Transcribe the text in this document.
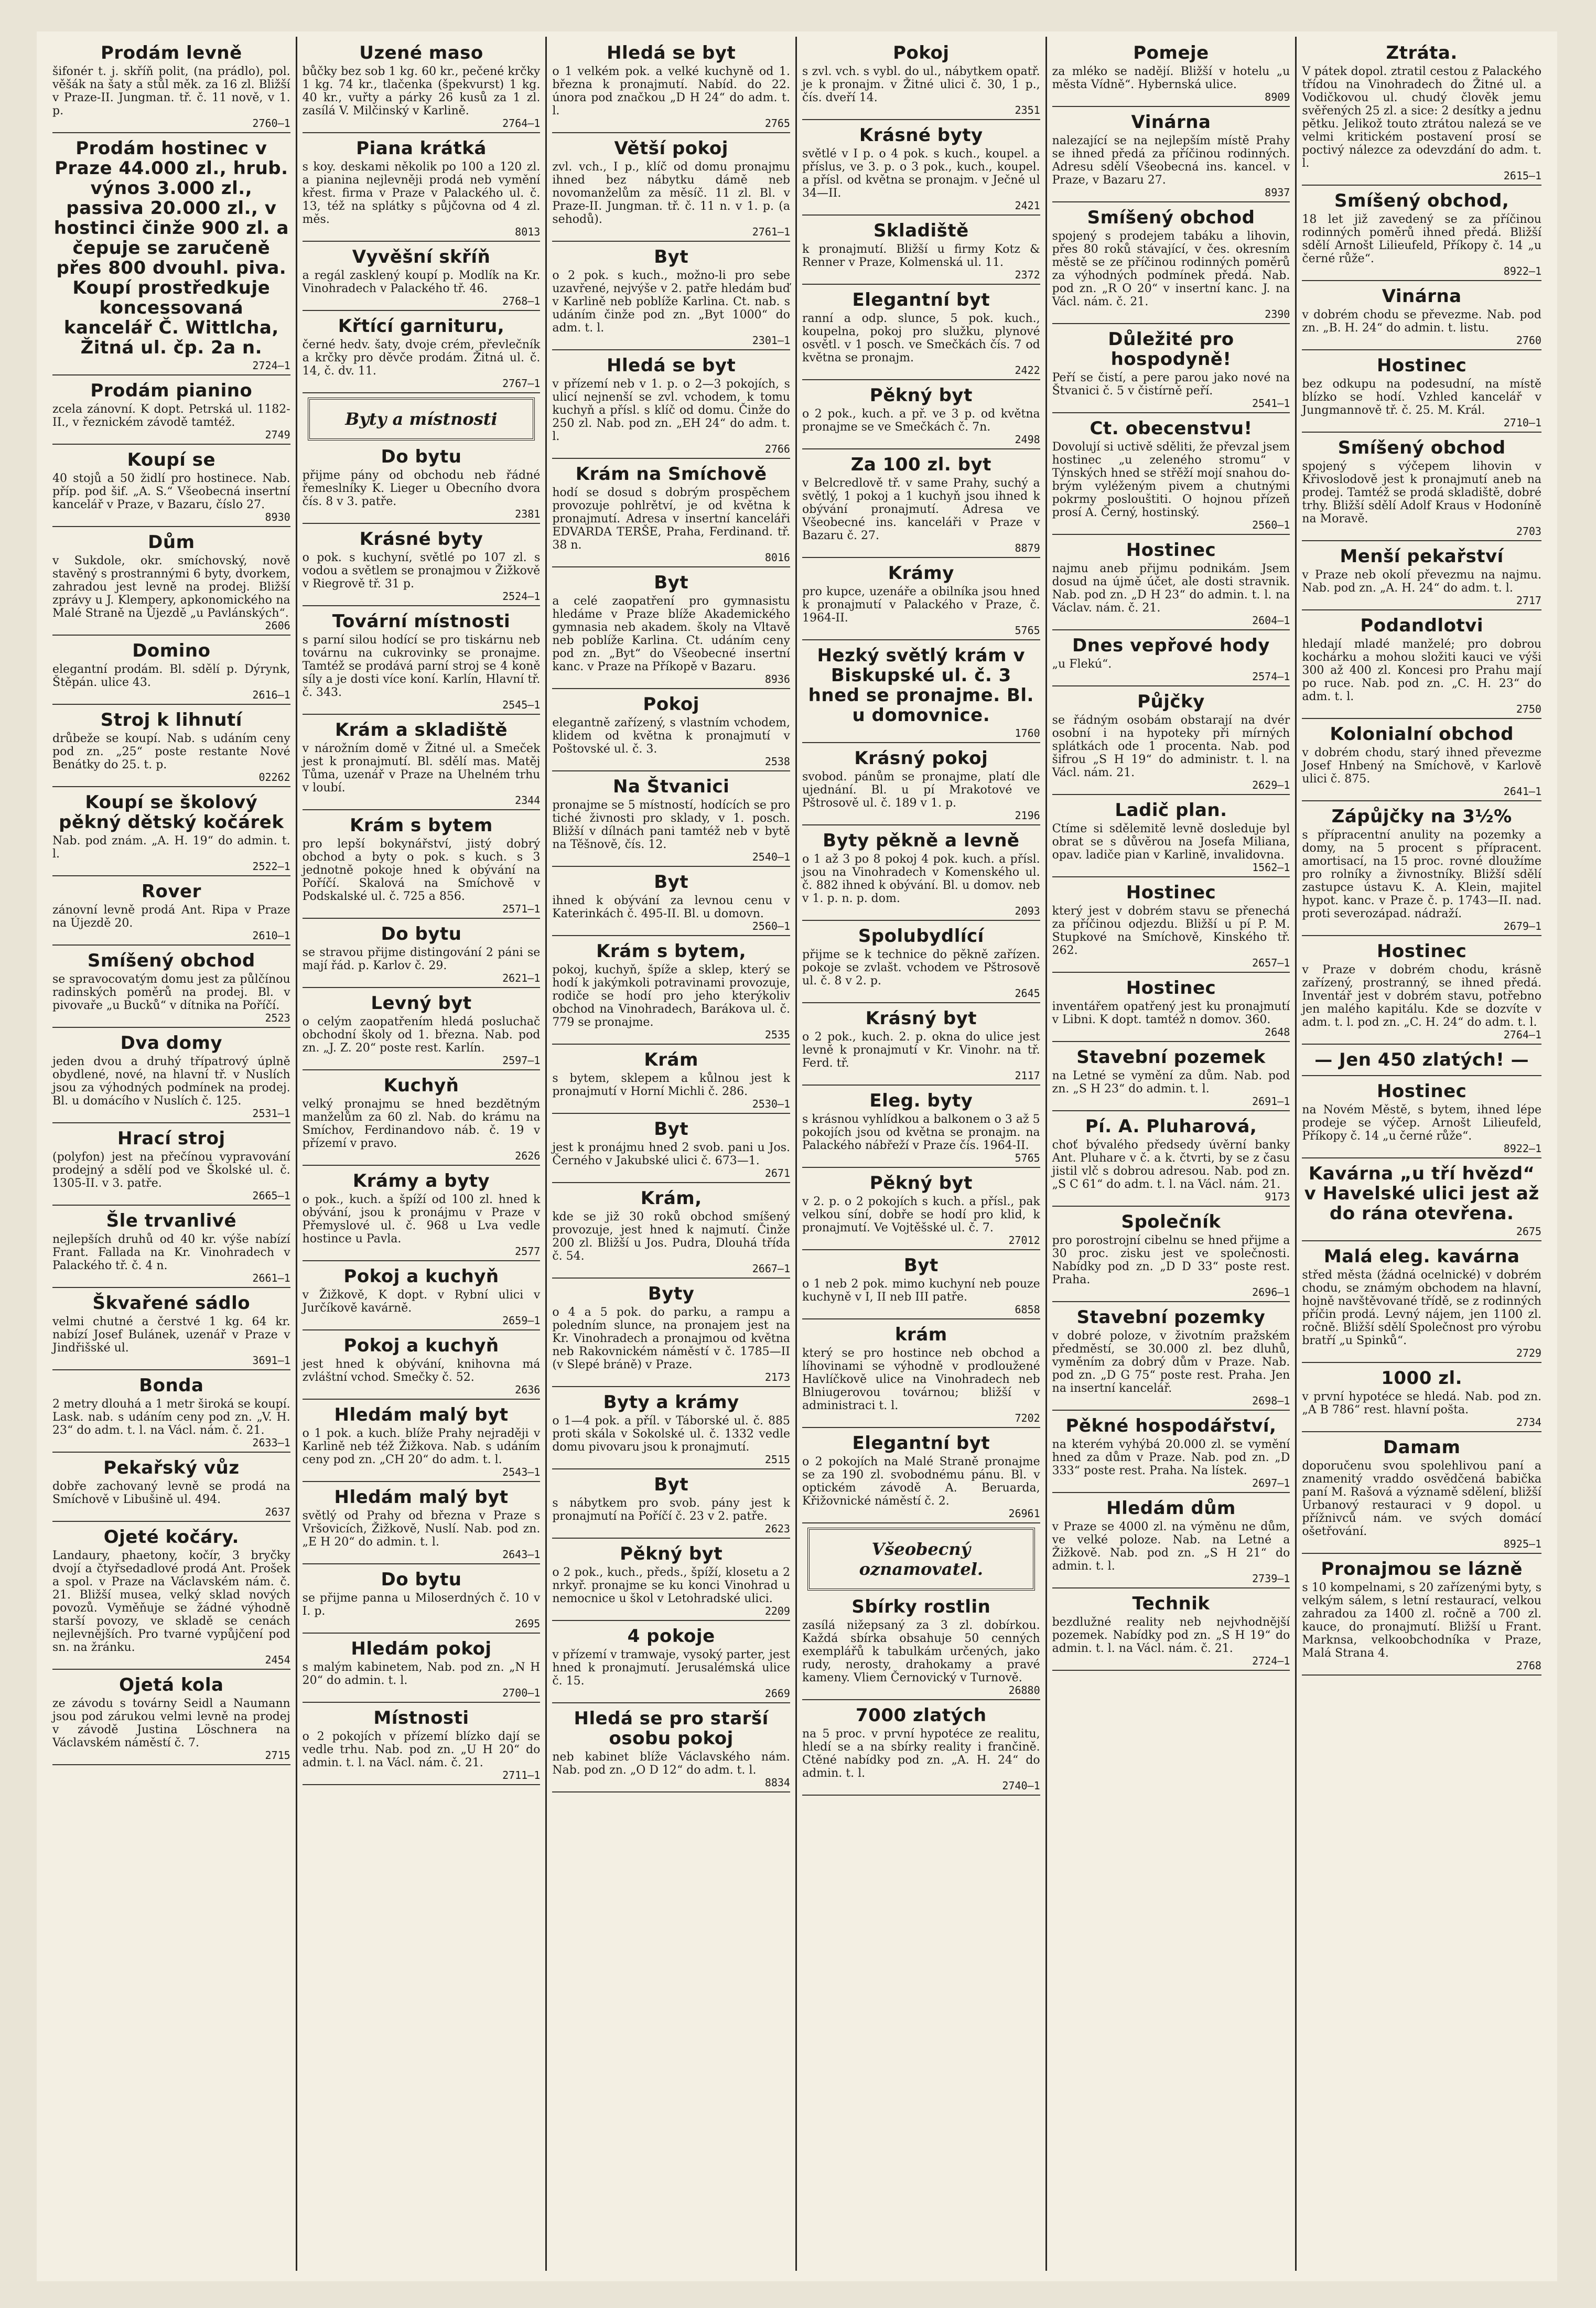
Prodám levně
šifonér t. j. skříň polit, (na prádlo), pol. věšák na šaty a stůl měk. za 16 zl. Bližší v Praze-II. Jungman. tř. č. 11 nově, v 1. p.
2760—1
Prodám hostinec v Praze 44.000 zl., hrub. výnos 3.000 zl., passiva 20.000 zl., v hostinci činže 900 zl. a čepuje se zaručeně přes 800 dvouhl. piva. Koupí prostředkuje koncessovaná kancelář Č. Wittlcha, Žitná ul. čp. 2a n.
2724—1
Prodám pianino
zcela zánovní. K dopt. Petrská ul. 1182-II., v řeznickém závodě tamtéž.
2749
Koupí se
40 stojů a 50 židlí pro hostinece. Nab. příp. pod šif. „A. S.“ Všeobecná insertní kancelář v Praze, v Bazaru, číslo 27.
8930
Dům
v Sukdole, okr. smíchovský, nově stavěný s prostrannými 6 byty, dvorkem, zahradou jest levně na prodej. Bližší zprávy u J. Klempery, apkonomického na Malé Straně na Újezdě „u Pavlánských“.
2606
Domino
elegantní prodám. Bl. sdělí p. Dýrynk, Štěpán. ulice 43.
2616—1
Stroj k lihnutí
drůbeže se koupí. Nab. s udáním ceny pod zn. „25“ poste restante Nové Benátky do 25. t. p.
02262
Koupí se školový pěkný dětský kočárek
Nab. pod znám. „A. H. 19“ do admin. t. l.
2522—1
Rover
zánovní levně prodá Ant. Ripa v Praze na Újezdě 20.
2610—1
Smíšený obchod
se spravocovatým domu jest za půlčínou radinských poměrů na prodej. Bl. v pivovaře „u Bucků“ v dítnika na Poříčí.
2523
Dva domy
jeden dvou a druhý třípatrový úplně obydlené, nové, na hlavní tř. v Nuslích jsou za výhodných podmínek na prodej. Bl. u domácího v Nuslích č. 125.
2531—1
Hrací stroj
(polyfon) jest na přečínou vypravování prodejný a sdělí pod ve Školské ul. č. 1305-II. v 3. patře.
2665—1
Šle trvanlivé
nejlepších druhů od 40 kr. výše nabízí Frant. Fallada na Kr. Vinohradech v Palackého tř. č. 4 n.
2661—1
Škvařené sádlo
velmi chutné a čerstvé 1 kg. 64 kr. nabízí Josef Bulánek, uzenář v Praze v Jindřišské ul.
3691—1
Bonda
2 metry dlouhá a 1 metr široká se koupí. Lask. nab. s udáním ceny pod zn. „V. H. 23“ do adm. t. l. na Václ. nám. č. 21.
2633—1
Pekařský vůz
dobře zachovaný levně se prodá na Smíchově v Libušině ul. 494.
2637
Ojeté kočáry.
Landaury, phaetony, kočír, 3 bryčky dvojí a čtyřsedadlové prodá Ant. Prošek a spol. v Praze na Václavském nám. č. 21. Bližší musea, velký sklad nových povozů. Vyměňuje se žádné výhodně starší povozy, ve skladě se cenách nejlevnějších. Pro tvarné vypůjčení pod sn. na žránku.
2454
Ojetá kola
ze závodu s továrny Seidl a Naumann jsou pod zárukou velmi levně na prodej v závodě Justina Löschnera na Václavském náměstí č. 7.
2715
Uzené maso
bůčky bez sob 1 kg. 60 kr., pečené krčky 1 kg. 74 kr., tlačenka (špekvurst) 1 kg. 40 kr., vuřty a párky 26 kusů za 1 zl. zasílá V. Milčinský v Karlině.
2764—1
Piana krátká
s koy. deskami několik po 100 a 120 zl. a pianina nejlevněji prodá neb vymění křest. firma v Praze v Palackého ul. č. 13, též na splátky s půjčovna od 4 zl. měs.
8013
Vyvěšní skříň
a regál zasklený koupí p. Modlík na Kr. Vinohradech v Palackého tř. 46.
2768—1
Křtící garnituru,
černé hedv. šaty, dvoje crém, převlečník a krčky pro děvče prodám. Žitná ul. č. 14, č. dv. 11.
2767—1
Byty a místnosti
Do bytu
přijme pány od obchodu neb řádné řemeslníky K. Lieger u Obecního dvora čís. 8 v 3. patře.
2381
Krásné byty
o pok. s kuchyní, světlé po 107 zl. s vodou a světlem se pronajmou v Žižkově v Riegrově tř. 31 p.
2524—1
Tovární místnosti
s parní silou hodící se pro tiskárnu neb továrnu na cukrovinky se pronajme. Tamtéž se prodává parní stroj se 4 koně síly a je dosti více koní. Karlín, Hlavní tř. č. 343.
2545—1
Krám a skladiště
v nárožním domě v Žitné ul. a Smeček jest k pronajmutí. Bl. sdělí mas. Matěj Tůma, uzenář v Praze na Uhelném trhu v loubí.
2344
Krám s bytem
pro lepší bokynářství, jistý dobrý obchod a byty o pok. s kuch. s 3 jednotně pokoje hned k obývání na Poříčí. Skalová na Smíchově v Podskalské ul. č. 725 a 856.
2571—1
Do bytu
se stravou přijme distingování 2 páni se mají řád. p. Karlov č. 29.
2621—1
Levný byt
o celým zaopatřením hledá posluchač obchodní školy od 1. března. Nab. pod zn. „J. Z. 20“ poste rest. Karlín.
2597—1
Kuchyň
velký pronajmu se hned bezdětným manželům za 60 zl. Nab. do krámu na Smíchov, Ferdinandovo náb. č. 19 v přízemí v pravo.
2626
Krámy a byty
o pok., kuch. a špíží od 100 zl. hned k obývání, jsou k pronájmu v Praze v Přemyslové ul. č. 968 u Lva vedle hostince u Pavla.
2577
Pokoj a kuchyň
v Žižkově, K dopt. v Rybní ulici v Jurčíkově kavárně.
2659—1
Pokoj a kuchyň
jest hned k obývání, knihovna má zvláštní vchod. Smečky č. 52.
2636
Hledám malý byt
o 1 pok. a kuch. blíže Prahy nejraději v Karlině neb též Žižkova. Nab. s udáním ceny pod zn. „CH 20“ do adm. t. l.
2543—1
Hledám malý byt
světlý od Prahy od března v Praze s Vršovicích, Žižkově, Nuslí. Nab. pod zn. „E H 20“ do admin. t. l.
2643—1
Do bytu
se přijme panna u Miloserdných č. 10 v I. p.
2695
Hledám pokoj
s malým kabinetem, Nab. pod zn. „N H 20“ do admin. t. l.
2700—1
Místnosti
o 2 pokojích v přízemí blízko dají se vedle trhu. Nab. pod zn. „U H 20“ do admin. t. l. na Václ. nám. č. 21.
2711—1
Hledá se byt
o 1 velkém pok. a velké kuchyně od 1. března k pronajmutí. Nabíd. do 22. února pod značkou „D H 24“ do adm. t. l.
2765
Větší pokoj
zvl. vch., I p., klíč od domu pronajmu ihned bez nábytku dámě neb novomanželům za měsíč. 11 zl. Bl. v Praze-II. Jungman. tř. č. 11 n. v 1. p. (a sehodů).
2761—1
Byt
o 2 pok. s kuch., možno-li pro sebe uzavřené, nejvýše v 2. patře hledám buď v Karlině neb poblíže Karlina. Ct. nab. s udáním činže pod zn. „Byt 1000“ do adm. t. l.
2301—1
Hledá se byt
v přízemí neb v 1. p. o 2—3 pokojích, s ulicí nejnenší se zvl. vchodem, k tomu kuchyň a přísl. s klíč od domu. Činže do 250 zl. Nab. pod zn. „EH 24“ do adm. t. l.
2766
Krám na Smíchově
hodí se dosud s dobrým prospěchem provozuje pohlrětví, je od května k pronajmutí. Adresa v insertní kanceláři EDVARDA TERŠE, Praha, Ferdinand. tř. 38 n.
8016
Byt
a celé zaopatření pro gymnasistu hledáme v Praze blíže Akademického gymnasia neb akadem. školy na Vltavě neb poblíže Karlina. Ct. udáním ceny pod zn. „Byt“ do Všeobecné insertní kanc. v Praze na Příkopě v Bazaru.
8936
Pokoj
elegantně zařízený, s vlastním vchodem, klidem od května k pronajmutí v Poštovské ul. č. 3.
2538
Na Štvanici
pronajme se 5 místností, hodících se pro tiché živnosti pro sklady, v 1. posch. Bližší v dílnách pani tamtéž neb v bytě na Těšnově, čís. 12.
2540—1
Byt
ihned k obývání za levnou cenu v Katerinkách č. 495-II. Bl. u domovn.
2560—1
Krám s bytem,
pokoj, kuchyň, špíže a sklep, který se hodí k jakýmkoli potravinami provozuje, rodiče se hodí pro jeho kterýkoliv obchod na Vinohradech, Barákova ul. č. 779 se pronajme.
2535
Krám
s bytem, sklepem a kůlnou jest k pronajmutí v Horní Michli č. 286.
2530—1
Byt
jest k pronájmu hned 2 svob. pani u Jos. Černého v Jakubské ulici č. 673—1.
2671
Krám,
kde se již 30 roků obchod smíšený provozuje, jest hned k najmutí. Činže 200 zl. Bližší u Jos. Pudra, Dlouhá třída č. 54.
2667—1
Byty
o 4 a 5 pok. do parku, a rampu a poledním slunce, na pronajem jest na Kr. Vinohradech a pronajmou od května neb Rakovnickém náměstí v č. 1785—II (v Slepé bráně) v Praze.
2173
Byty a krámy
o 1—4 pok. a příl. v Táborské ul. č. 885 proti skála v Sokolské ul. č. 1332 vedle domu pivovaru jsou k pronajmutí.
2515
Byt
s nábytkem pro svob. pány jest k pronajmutí na Poříčí č. 23 v 2. patře.
2623
Pěkný byt
o 2 pok., kuch., předs., špíží, klosetu a 2 nrkyř. pronajme se ku konci Vinohrad u nemocnice u škol v Letohradské ulici.
2209
4 pokoje
v přízemí v tramwaje, vysoký parter, jest hned k pronajmutí. Jerusalémská ulice č. 15.
2669
Hledá se pro starší osobu pokoj
neb kabinet blíže Václavského nám. Nab. pod zn. „O D 12“ do adm. t. l.
8834
Pokoj
s zvl. vch. s vybl. do ul., nábytkem opatř. je k pronajm. v Žitné ulici č. 30, 1 p., čís. dveří 14.
2351
Krásné byty
světlé v I p. o 4 pok. s kuch., koupel. a příslus, ve 3. p. o 3 pok., kuch., koupel. a přísl. od května se pronajm. v Ječné ul 34—II.
2421
Skladiště
k pronajmutí. Bližší u firmy Kotz & Renner v Praze, Kolmenská ul. 11.
2372
Elegantní byt
ranní a odp. slunce, 5 pok. kuch., koupelna, pokoj pro služku, plynové osvětl. v 1 posch. ve Smečkách čís. 7 od května se pronajm.
2422
Pěkný byt
o 2 pok., kuch. a př. ve 3 p. od května pronajme se ve Smečkách č. 7n.
2498
Za 100 zl. byt
v Belcredlově tř. v same Prahy, suchý a světlý, 1 pokoj a 1 kuchyň jsou ihned k obývání pronajmutí. Adresa ve Všeobecné ins. kanceláři v Praze v Bazaru č. 27.
8879
Krámy
pro kupce, uzenáře a obilníka jsou hned k pronajmutí v Palackého v Praze, č. 1964-II.
5765
Hezký světlý krám v Biskupské ul. č. 3 hned se pronajme. Bl. u domovnice.
1760
Krásný pokoj
svobod. pánům se pronajme, platí dle ujednání. Bl. u pí Mrakotové ve Pštrosově ul. č. 189 v 1. p.
2196
Byty pěkně a levně
o 1 až 3 po 8 pokoj 4 pok. kuch. a přísl. jsou na Vinohradech v Komenského ul. č. 882 ihned k obývání. Bl. u domov. neb v 1. p. n. p. dom.
2093
Spolubydlící
přijme se k technice do pěkně zařízen. pokoje se zvlašt. vchodem ve Pštrosově ul. č. 8 v 2. p.
2645
Krásný byt
o 2 pok., kuch. 2. p. okna do ulice jest levně k pronajmutí v Kr. Vinohr. na tř. Ferd. tř.
2117
Eleg. byty
s krásnou vyhlídkou a balkonem o 3 až 5 pokojích jsou od května se pronajm. na Palackého nábřeží v Praze čís. 1964-II.
5765
Pěkný byt
v 2. p. o 2 pokojích s kuch. a přísl., pak velkou síní, dobře se hodí pro klid, k pronajmutí. Ve Vojtěšské ul. č. 7.
27012
Byt
o 1 neb 2 pok. mimo kuchyní neb pouze kuchyně v I, II neb III patře.
6858
krám
který se pro hostince neb obchod a líhovinami se výhodně v prodloužené Havlíčkově ulice na Vinohradech neb Blniugerovou továrnou; bližší v administraci t. l.
7202
Elegantní byt
o 2 pokojích na Malé Straně pronajme se za 190 zl. svobodnému pánu. Bl. v optickém závodě A. Beruarda, Křižovnické náměstí č. 2.
26961
Všeobecný oznamovatel.
Sbírky rostlin
zasílá nižepsaný za 3 zl. dobírkou. Každá sbírka obsahuje 50 cenných exemplářů k tabulkám určených, jako rudy, nerosty, drahokamy a pravé kameny. Vliem Černovický v Turnově.
26880
7000 zlatých
na 5 proc. v první hypotéce ze realitu, hledí se a na sbírky reality i frančině. Ctěné nabídky pod zn. „A. H. 24“ do admin. t. l.
2740—1
Pomeje
za mléko se nadějí. Bližší v hotelu „u města Vídně“. Hybernská ulice.
8909
Vinárna
nalezající se na nejlepším místě Prahy se ihned předá za příčinou rodinných. Adresu sdělí Všeobecná ins. kancel. v Praze, v Bazaru 27.
8937
Smíšený obchod
spojený s prodejem tabáku a lihovin, přes 80 roků stávající, v čes. okresním městě se ze příčinou rodinných poměrů za výhodných podmínek předá. Nab. pod zn. „R O 20“ v insertní kanc. J. na Václ. nám. č. 21.
2390
Důležité pro hospodyně!
Peří se čistí, a pere parou jako nové na Štvanici č. 5 v čistírně peří.
2541—1
Ct. obecenstvu!
Dovolují si uctivě sděliti, že převzal jsem hostinec „u zeleného stromu“ v Týnských hned se střěží mojí snahou do-brým vyléženým pivem a chutnými pokrmy poslouštiti. O hojnou přízeň prosí A. Černý, hostinský.
2560—1
Hostinec
najmu aneb přijmu podnikám. Jsem dosud na újmě účet, ale dosti stravnik. Nab. pod zn. „D H 23“ do admin. t. l. na Václav. nám. č. 21.
2604—1
Dnes vepřové hody
„u Flekú“.
2574—1
Půjčky
se řádným osobám obstarají na dvér osobní i na hypoteky při mírných splátkách ode 1 procenta. Nab. pod šifrou „S H 19“ do administr. t. l. na Václ. nám. 21.
2629—1
Ladič plan.
Ctíme si sdělemitě levně dosleduje byl obrat se s důvěrou na Josefa Miliana, opav. ladiče pian v Karlině, invalidovna.
1562—1
Hostinec
který jest v dobrém stavu se přenechá za příčinou odjezdu. Bližší u pí P. M. Stupkové na Smíchově, Kinského tř. 262.
2657—1
Hostinec
inventářem opatřený jest ku pronajmutí v Libni. K dopt. tamtéž n domov. 360.
2648
Stavební pozemek
na Letné se vymění za dům. Nab. pod zn. „S H 23“ do admin. t. l.
2691—1
Pí. A. Pluharová,
choť bývalého předsedy úvěrní banky Ant. Pluhare v č. a k. čtvrti, by se z času jistil vlč s dobrou adresou. Nab. pod zn. „S C 61“ do adm. t. l. na Václ. nám. 21.
9173
Společník
pro porostrojní cibelnu se hned přijme a 30 proc. zisku jest ve společnosti. Nabídky pod zn. „D D 33“ poste rest. Praha.
2696—1
Stavební pozemky
v dobré poloze, v životním pražském předměstí, se 30.000 zl. bez dluhů, vyměním za dobrý dům v Praze. Nab. pod zn. „D G 75“ poste rest. Praha. Jen na insertní kancelář.
2698—1
Pěkné hospodářství,
na kterém vyhýbá 20.000 zl. se vymění hned za dům v Praze. Nab. pod zn. „D 333“ poste rest. Praha. Na lístek.
2697—1
Hledám dům
v Praze se 4000 zl. na výměnu ne dům, ve velké poloze. Nab. na Letné a Žižkově. Nab. pod zn. „S H 21“ do admin. t. l.
2739—1
Technik
bezdlužné reality neb nejvhodnější pozemek. Nabídky pod zn. „S H 19“ do admin. t. l. na Václ. nám. č. 21.
2724—1
Ztráta.
V pátek dopol. ztratil cestou z Palackého třídou na Vinohradech do Žitné ul. a Vodičkovou ul. chudý člověk jemu svěřených 25 zl. a sice: 2 desítky a jednu pětku. Jelikož touto ztrátou nalezá se ve velmi kritickém postavení prosí se poctivý nálezce za odevzdání do adm. t. l.
2615—1
Smíšený obchod,
18 let již zavedený se za příčinou rodinných poměrů ihned předá. Bližší sdělí Arnošt Lilieufeld, Příkopy č. 14 „u černé růže“.
8922—1
Vinárna
v dobrém chodu se převezme. Nab. pod zn. „B. H. 24“ do admin. t. listu.
2760
Hostinec
bez odkupu na podesudní, na místě blízko se hodí. Vzhled kancelář v Jungmannově tř. č. 25. M. Král.
2710—1
Smíšený obchod
spojený s výčepem lihovin v Křivoslodově jest k pronajmutí aneb na prodej. Tamtéž se prodá skladiště, dobré trhy. Bližší sdělí Adolf Kraus v Hodoníně na Moravě.
2703
Menší pekařství
v Praze neb okolí převezmu na najmu. Nab. pod zn. „A. H. 24“ do adm. t. l.
2717
Podandlotvi
hledají mladé manželé; pro dobrou kochárku a mohou složiti kauci ve výši 300 až 400 zl. Koncesi pro Prahu mají po ruce. Nab. pod zn. „C. H. 23“ do adm. t. l.
2750
Kolonialní obchod
v dobrém chodu, starý ihned převezme Josef Hnbený na Smíchově, v Karlově ulici č. 875.
2641—1
Zápůjčky na 3½%
s přípracentní anulity na pozemky a domy, na 5 procent s přípracent. amortisací, na 15 proc. rovné dloužíme pro rolníky a živnostníky. Bližší sdělí zastupce ústavu K. A. Klein, majitel hypot. kanc. v Praze č. p. 1743—II. nad. proti severozápad. nádraží.
2679—1
Hostinec
v Praze v dobrém chodu, krásně zařízený, prostranný, se ihned předá. Inventář jest v dobrém stavu, potřebno jen malého kapitálu. Kde se dozvíte v adm. t. l. pod zn. „C. H. 24“ do adm. t. l.
2764—1
— Jen 450 zlatých! —
Hostinec
na Novém Městě, s bytem, ihned lépe prodeje se výčep. Arnošt Lilieufeld, Příkopy č. 14 „u černé růže“.
8922—1
Kavárna „u tří hvězd“ v Havelské ulici jest až do rána otevřena.
2675
Malá eleg. kavárna
střed města (žádná ocelnické) v dobrém chodu, se známým obchodem na hlavní, hojně navštěvované třídě, se z rodinných příčin prodá. Levný nájem, jen 1100 zl. ročně. Bližší sdělí Společnost pro výrobu bratří „u Spinků“.
2729
1000 zl.
v první hypotéce se hledá. Nab. pod zn. „A B 786“ rest. hlavní pošta.
2734
Damam
doporučenu svou spolehlivou paní a znamenitý vraddo osvědčená babička paní M. Rašová a významě sdělení, bližší Urbanový restauraci v 9 dopol. u přížnivců nám. ve svých domácí ošetřování.
8925—1
Pronajmou se lázně
s 10 kompelnami, s 20 zařízenými byty, s velkým sálem, s letní restaurací, velkou zahradou za 1400 zl. ročně a 700 zl. kauce, do pronajmutí. Bližší u Frant. Marknsa, velkoobchodníka v Praze, Malá Strana 4.
2768
